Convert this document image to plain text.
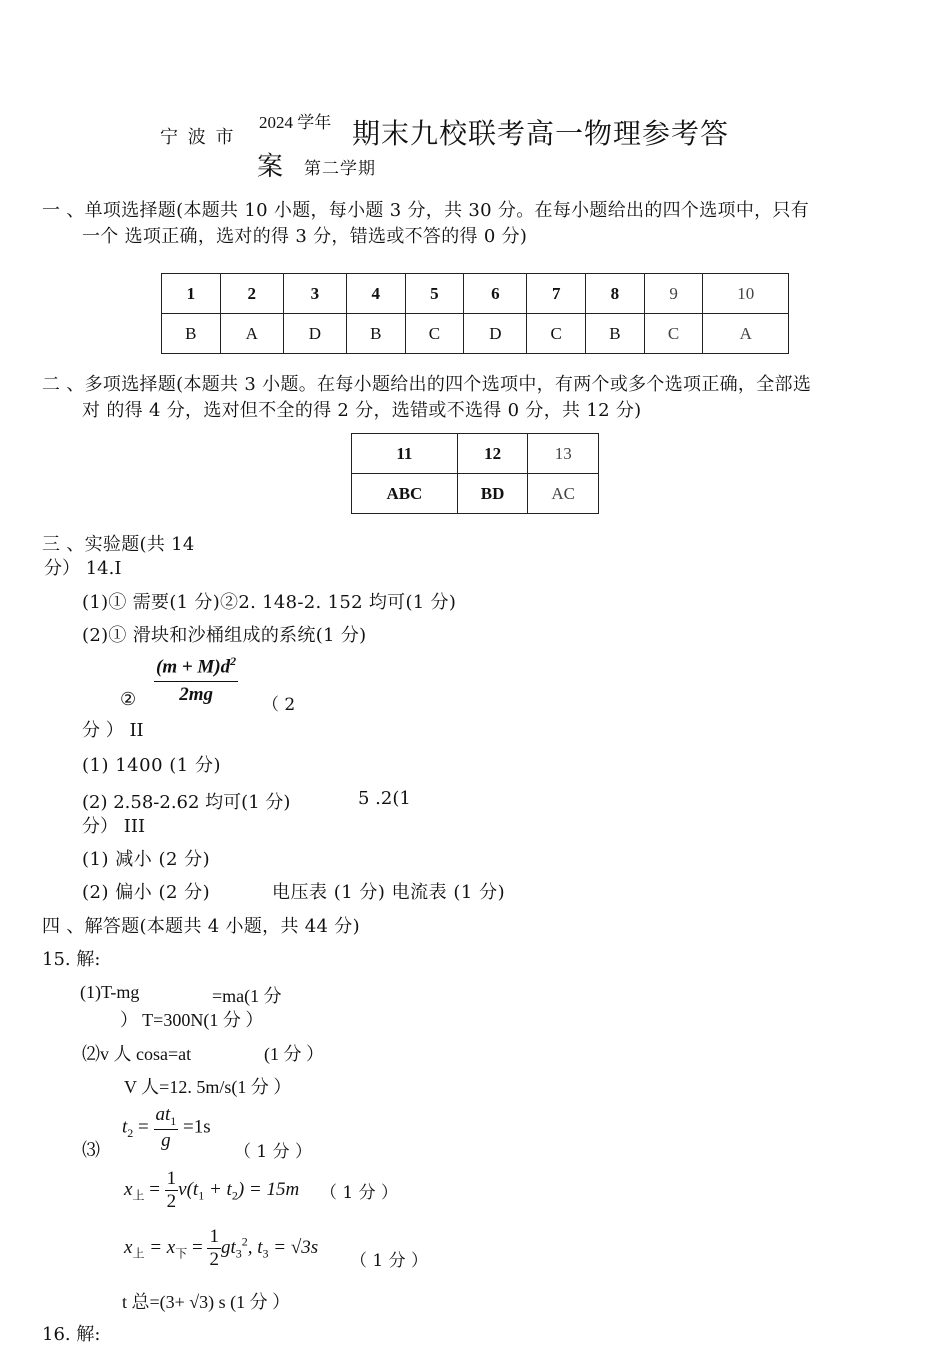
宁 波 市
2024 学年 期末九校联考高一物理参考答
案 第二学期
一 、单项选择题(本题共 10 小题，每小题 3 分，共 30 分。在每小题给出的四个选项中，只有
一个 选项正确，选对的得 3 分，错选或不答的得 0 分)
1	2	3	4	5	6	7	8	9	10
B	A	D	B	C	D	C	B	C	A
二 、多项选择题(本题共 3 小题。在每小题给出的四个选项中，有两个或多个选项正确，全部选
对 的得 4 分，选对但不全的得 2 分，选错或不选得 0 分，共 12 分)
11	12	13
ABC	BD	AC
三 、实验题(共 14
分） 14.I
(1)① 需要(1 分)②2. 148-2. 152 均可(1 分)
(2)① 滑块和沙桶组成的系统(1 分)
② $\frac{(m + M)d^2}{2mg}$ （ 2
分 ） II
(1) 1400 (1 分)
(2) 2.58-2.62 均可(1 分)	5 .2(1
分） III
(1) 减小 (2 分)
(2) 偏小 (2 分)	电压表 (1 分) 电流表 (1 分)
四 、解答题(本题共 4 小题，共 44 分)
15. 解:
(1)T-mg	=ma(1 分
） T=300N(1 分 ）
⑵v 人 cosa=at	(1 分 ）
V 人=12. 5m/s(1 分 ）
⑶
$t_2 = \frac{at_1}{g} =1s$
（ 1 分 ）
$x_上 = \frac{1}{2} v(t_1 + t_2) = 15m$ （ 1 分 ）
$x_上 = x_下 = \frac{1}{2} gt_3^2$, $t_3 = √3s$
（ 1 分 ）
t 总=(3+ √3) s (1 分 ）
16. 解:
